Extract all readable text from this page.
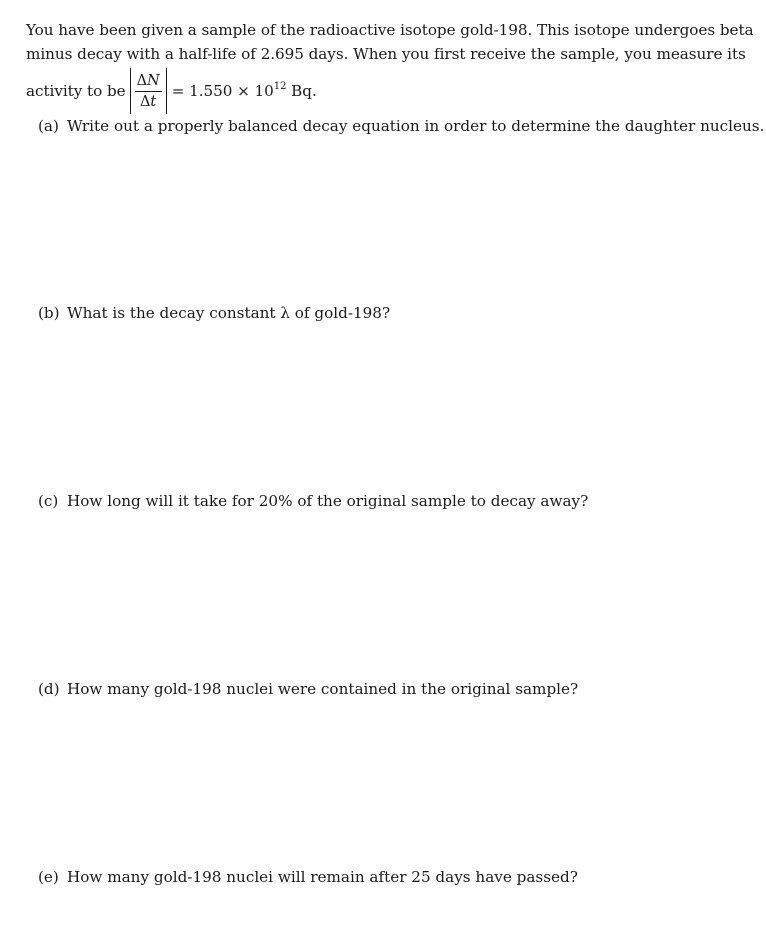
You have been given a sample of the radioactive isotope gold-198. This isotope undergoes beta
minus decay with a half-life of 2.695 days. When you first receive the sample, you measure its
activity to be $\frac{\Delta N}{\Delta t} = 1.550 \times 10^{12}$ Bq.
(a) Write out a properly balanced decay equation in order to determine the daughter nucleus.
(b) What is the decay constant λ of gold-198?
(c) How long will it take for 20% of the original sample to decay away?
(d) How many gold-198 nuclei were contained in the original sample?
(e) How many gold-198 nuclei will remain after 25 days have passed?
